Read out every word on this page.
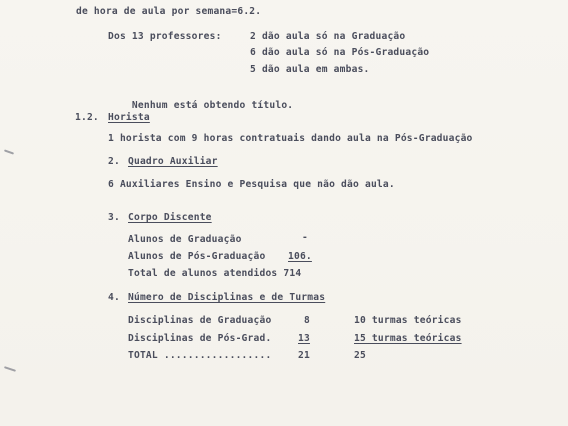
de hora de aula por semana=6.2.
Dos 13 professores:	2 dão aula só na Graduação
6 dão aula só na Pós-Graduação
5 dão aula em ambas.

Nenhum está obtendo título.

1.2. Horista
1 horista com 9 horas contratuais dando aula na Pós-Graduação
2. Quadro Auxiliar
6 Auxiliares Ensino e Pesquisa que não dão aula.
3. Corpo Discente
Alunos de Graduação	-
Alunos de Pós-Graduação 106.
Total de alunos atendidos 714
4. Número de Disciplinas e de Turmas
Disciplinas de Graduação	8	10 turmas teóricas
Disciplinas de Pós-Grad.	13	15 turmas teóricas
TOTAL ..................	21	25
